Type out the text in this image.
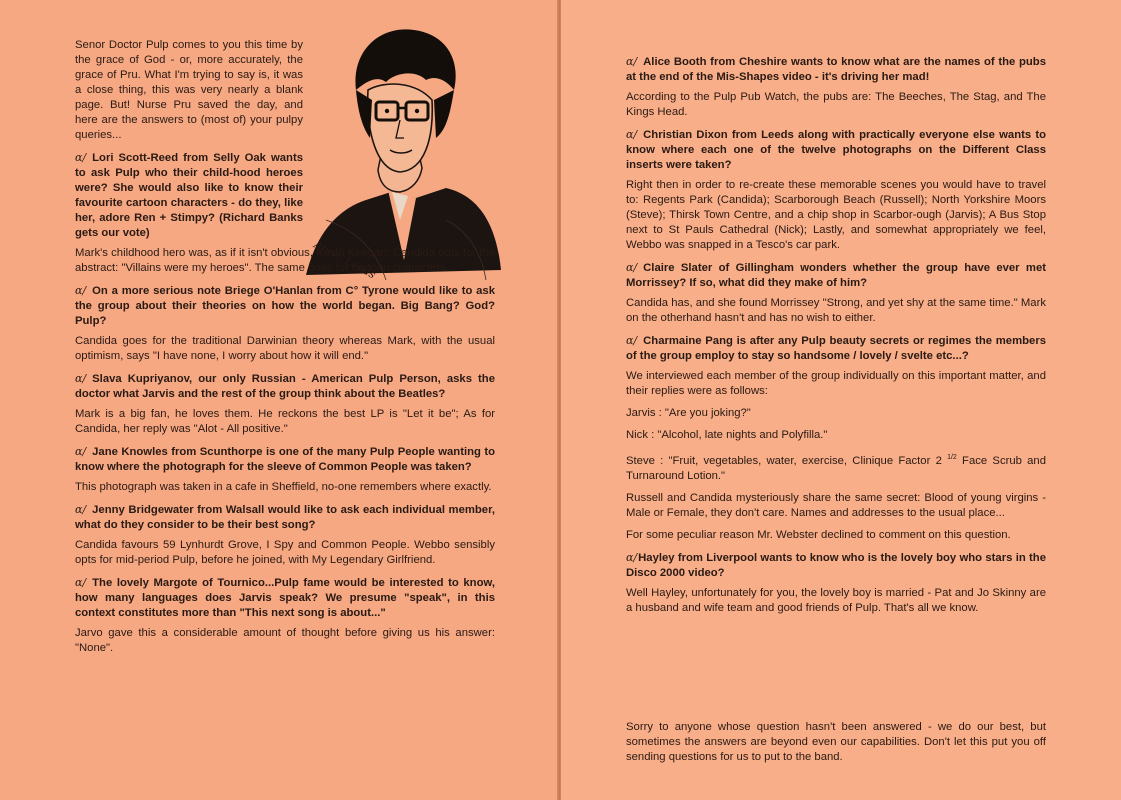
Alice, Leeds

Senor Doctor Pulp comes to you this time by the grace of God - or, more accurately, the grace of Pru. What I'm trying to say is, it was a close thing, this was very nearly a blank page. But! Nurse Pru saved the day, and here are the answers to (most of) your pulpy queries...

ɑ/ Lori Scott-Reed from Selly Oak wants to ask Pulp who their child-hood heroes were? She would also like to know their favourite cartoon characters - do they, like her, adore Ren + Stimpy? (Richard Banks gets our vote)

Mark's childhood hero was, as if it isn't obvious, Kevin Keegan; Candida opts for the abstract: "Villains were my heroes". The same goes for cartoon characters.

ɑ/ On a more serious note Briege O'Hanlan from C° Tyrone would like to ask the group about their theories on how the world began. Big Bang? God? Pulp?

Candida goes for the traditional Darwinian theory whereas Mark, with the usual optimism, says "I have none, I worry about how it will end."

ɑ/ Slava Kupriyanov, our only Russian - American Pulp Person, asks the doctor what Jarvis and the rest of the group think about the Beatles?

Mark is a big fan, he loves them. He reckons the best LP is "Let it be"; As for Candida, her reply was "Alot - All positive."

ɑ/ Jane Knowles from Scunthorpe is one of the many Pulp People wanting to know where the photograph for the sleeve of Common People was taken?

This photograph was taken in a cafe in Sheffield, no-one remembers where exactly.

ɑ/ Jenny Bridgewater from Walsall would like to ask each individual member, what do they consider to be their best song?

Candida favours 59 Lynhurdt Grove, I Spy and Common People. Webbo sensibly opts for mid-period Pulp, before he joined, with My Legendary Girlfriend.

ɑ/ The lovely Margote of Tournico...Pulp fame would be interested to know, how many languages does Jarvis speak? We presume "speak", in this context constitutes more than "This next song is about..."

Jarvo gave this a considerable amount of thought before giving us his answer: "None".

ɑ/ Alice Booth from Cheshire wants to know what are the names of the pubs at the end of the Mis-Shapes video - it's driving her mad!

According to the Pulp Pub Watch, the pubs are: The Beeches, The Stag, and The Kings Head.

ɑ/ Christian Dixon from Leeds along with practically everyone else wants to know where each one of the twelve photographs on the Different Class inserts were taken?

Right then in order to re-create these memorable scenes you would have to travel to: Regents Park (Candida); Scarborough Beach (Russell); North Yorkshire Moors (Steve); Thirsk Town Centre, and a chip shop in Scarbor-ough (Jarvis); A Bus Stop next to St Pauls Cathedral (Nick); Lastly, and somewhat appropriately we feel, Webbo was snapped in a Tesco's car park.

ɑ/ Claire Slater of Gillingham wonders whether the group have ever met Morrissey? If so, what did they make of him?

Candida has, and she found Morrissey "Strong, and yet shy at the same time." Mark on the otherhand hasn't and has no wish to either.

ɑ/ Charmaine Pang is after any Pulp beauty secrets or regimes the members of the group employ to stay so handsome / lovely / svelte etc...?

We interviewed each member of the group individually on this important matter, and their replies were as follows:

Jarvis : "Are you joking?"

Nick : "Alcohol, late nights and Polyfilla."

Steve : "Fruit, vegetables, water, exercise, Clinique Factor 2 $^{1/2}$ Face Scrub and Turnaround Lotion."

Russell and Candida mysteriously share the same secret: Blood of young virgins - Male or Female, they don't care. Names and addresses to the usual place...

For some peculiar reason Mr. Webster declined to comment on this question.

ɑ/Hayley from Liverpool wants to know who is the lovely boy who stars in the Disco 2000 video?

Well Hayley, unfortunately for you, the lovely boy is married - Pat and Jo Skinny are a husband and wife team and good friends of Pulp. That's all we know.

Sorry to anyone whose question hasn't been answered - we do our best, but sometimes the answers are beyond even our capabilities. Don't let this put you off sending questions for us to put to the band.
